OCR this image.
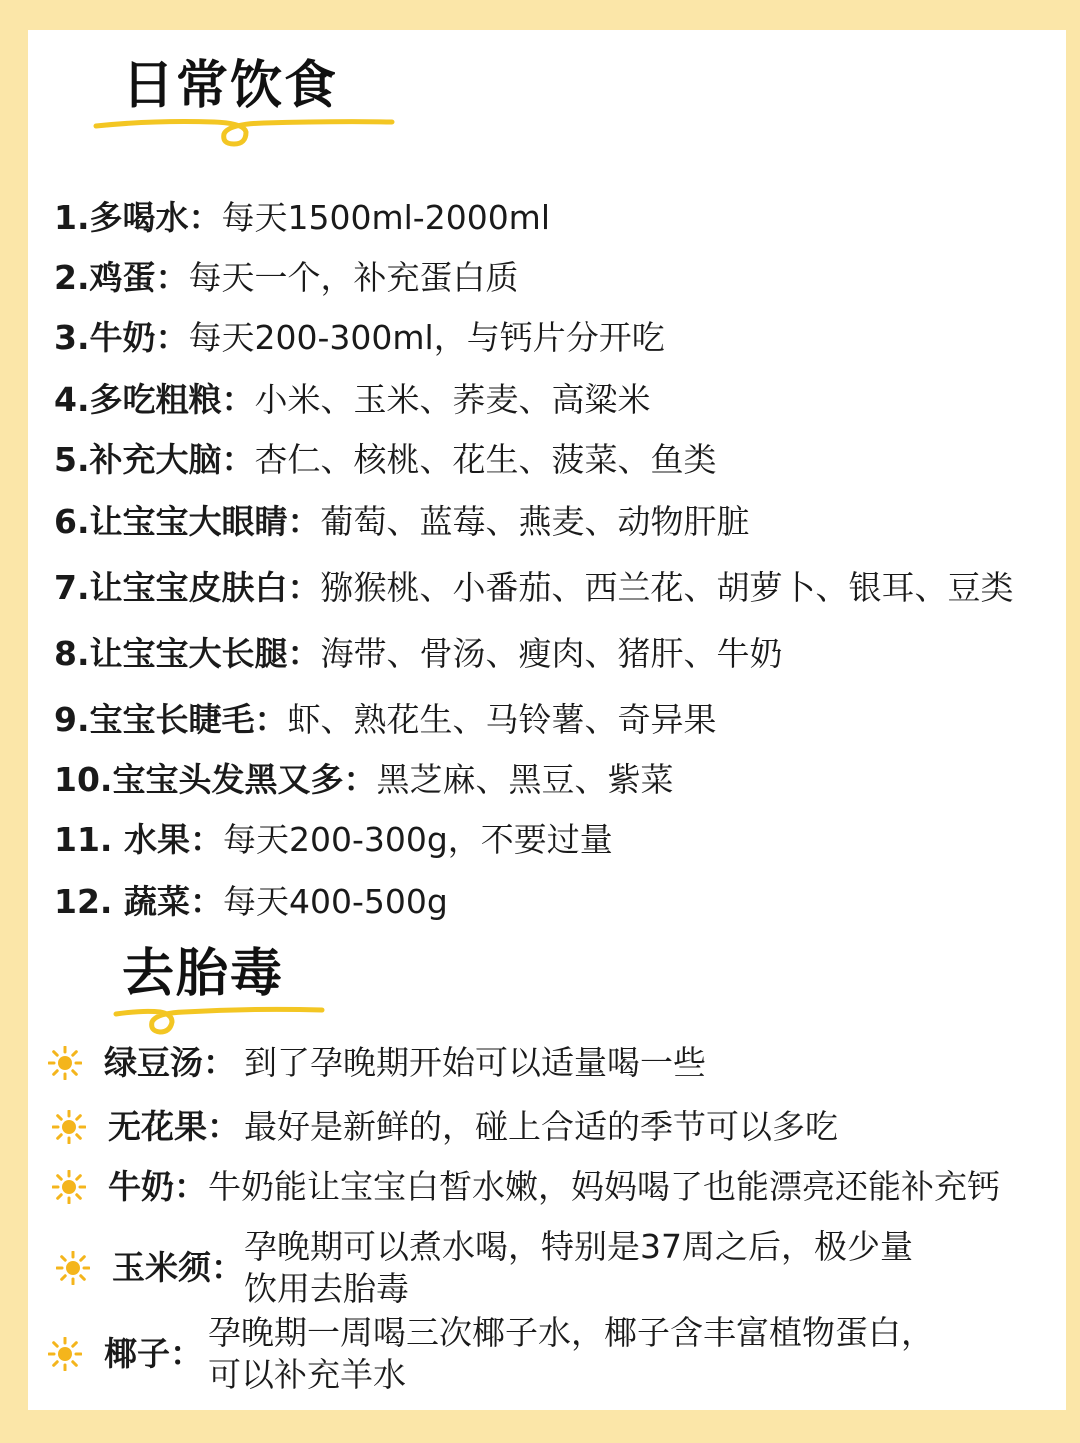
日常饮食
1.多喝水：每天1500ml-2000ml
2.鸡蛋：每天一个，补充蛋白质
3.牛奶：每天200-300ml，与钙片分开吃
4.多吃粗粮：小米、玉米、荞麦、高粱米
5.补充大脑：杏仁、核桃、花生、菠菜、鱼类
6.让宝宝大眼睛：葡萄、蓝莓、燕麦、动物肝脏
7.让宝宝皮肤白：猕猴桃、小番茄、西兰花、胡萝卜、银耳、豆类
8.让宝宝大长腿：海带、骨汤、瘦肉、猪肝、牛奶
9.宝宝长睫毛：虾、熟花生、马铃薯、奇异果
10.宝宝头发黑又多：黑芝麻、黑豆、紫菜
11. 水果：每天200-300g，不要过量
12. 蔬菜：每天400-500g
去胎毒
绿豆汤： 到了孕晚期开始可以适量喝一些
无花果： 最好是新鲜的，碰上合适的季节可以多吃
牛奶： 牛奶能让宝宝白皙水嫩，妈妈喝了也能漂亮还能补充钙
玉米须：
孕晚期可以煮水喝，特别是37周之后，极少量
饮用去胎毒
椰子：
孕晚期一周喝三次椰子水，椰子含丰富植物蛋白，
可以补充羊水
